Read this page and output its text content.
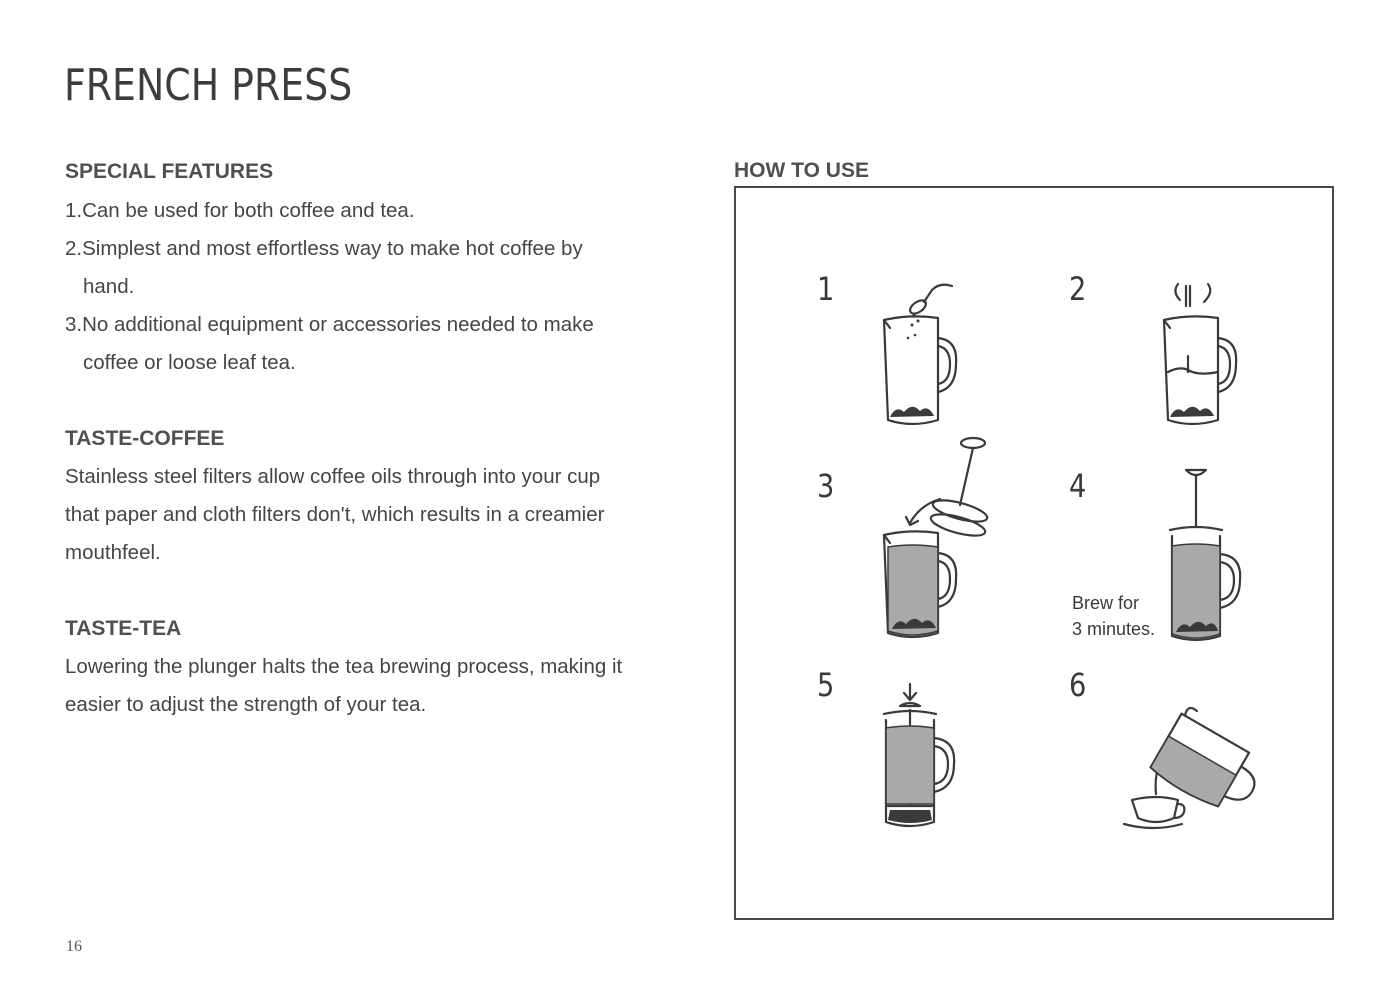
FRENCH PRESS
SPECIAL FEATURES

1.Can be used for both coffee and tea.

2.Simplest and most effortless way to make hot coffee by

hand.

3.No additional equipment or accessories needed to make

coffee or loose leaf tea.

TASTE-COFFEE

Stainless steel filters allow coffee oils through into your cup

that paper and cloth filters don't, which results in a creamier

mouthfeel.

TASTE-TEA

Lowering the plunger halts the tea brewing process, making it

easier to adjust the strength of your tea.

16
HOW TO USE
1	2
3	4
5	6
Brew for
3 minutes.
